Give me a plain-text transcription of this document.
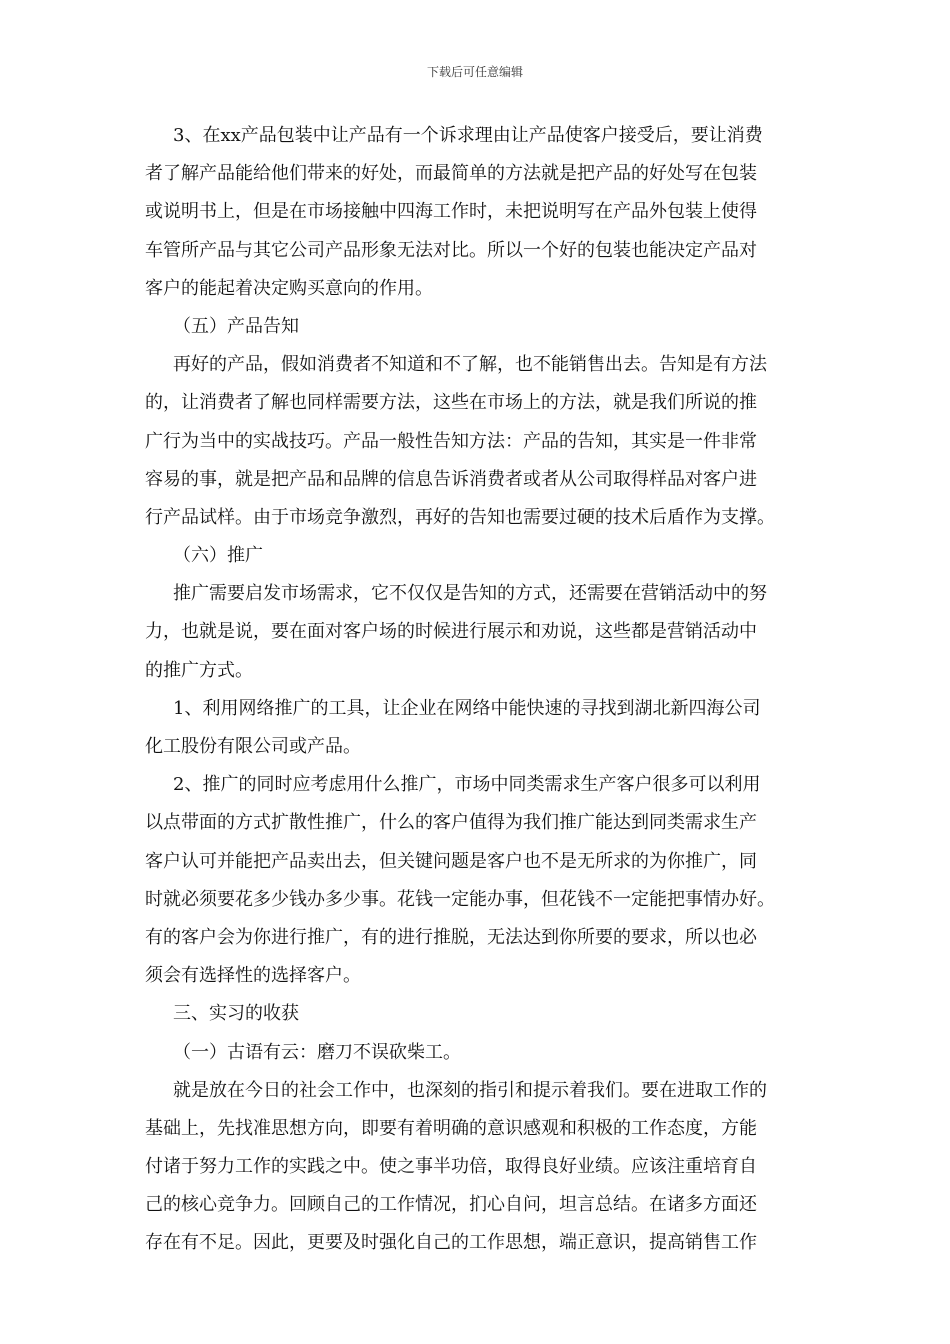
下载后可任意编辑
3、在xx产品包装中让产品有一个诉求理由让产品使客户接受后，要让消费
者了解产品能给他们带来的好处，而最简单的方法就是把产品的好处写在包装
或说明书上，但是在市场接触中四海工作时，未把说明写在产品外包装上使得
车管所产品与其它公司产品形象无法对比。所以一个好的包装也能决定产品对
客户的能起着决定购买意向的作用。
（五）产品告知
再好的产品，假如消费者不知道和不了解，也不能销售出去。告知是有方法
的，让消费者了解也同样需要方法，这些在市场上的方法，就是我们所说的推
广行为当中的实战技巧。产品一般性告知方法：产品的告知，其实是一件非常
容易的事，就是把产品和品牌的信息告诉消费者或者从公司取得样品对客户进
行产品试样。由于市场竞争激烈，再好的告知也需要过硬的技术后盾作为支撑。
（六）推广
推广需要启发市场需求，它不仅仅是告知的方式，还需要在营销活动中的努
力，也就是说，要在面对客户场的时候进行展示和劝说，这些都是营销活动中
的推广方式。
1、利用网络推广的工具，让企业在网络中能快速的寻找到湖北新四海公司
化工股份有限公司或产品。
2、推广的同时应考虑用什么推广，市场中同类需求生产客户很多可以利用
以点带面的方式扩散性推广，什么的客户值得为我们推广能达到同类需求生产
客户认可并能把产品卖出去，但关键问题是客户也不是无所求的为你推广，同
时就必须要花多少钱办多少事。花钱一定能办事，但花钱不一定能把事情办好。
有的客户会为你进行推广，有的进行推脱，无法达到你所要的要求，所以也必
须会有选择性的选择客户。
三、实习的收获
（一）古语有云：磨刀不误砍柴工。
就是放在今日的社会工作中，也深刻的指引和提示着我们。要在进取工作的
基础上，先找准思想方向，即要有着明确的意识感观和积极的工作态度，方能
付诸于努力工作的实践之中。使之事半功倍，取得良好业绩。应该注重培育自
己的核心竞争力。回顾自己的工作情况，扪心自问，坦言总结。在诸多方面还
存在有不足。因此，更要及时强化自己的工作思想，端正意识，提高销售工作
